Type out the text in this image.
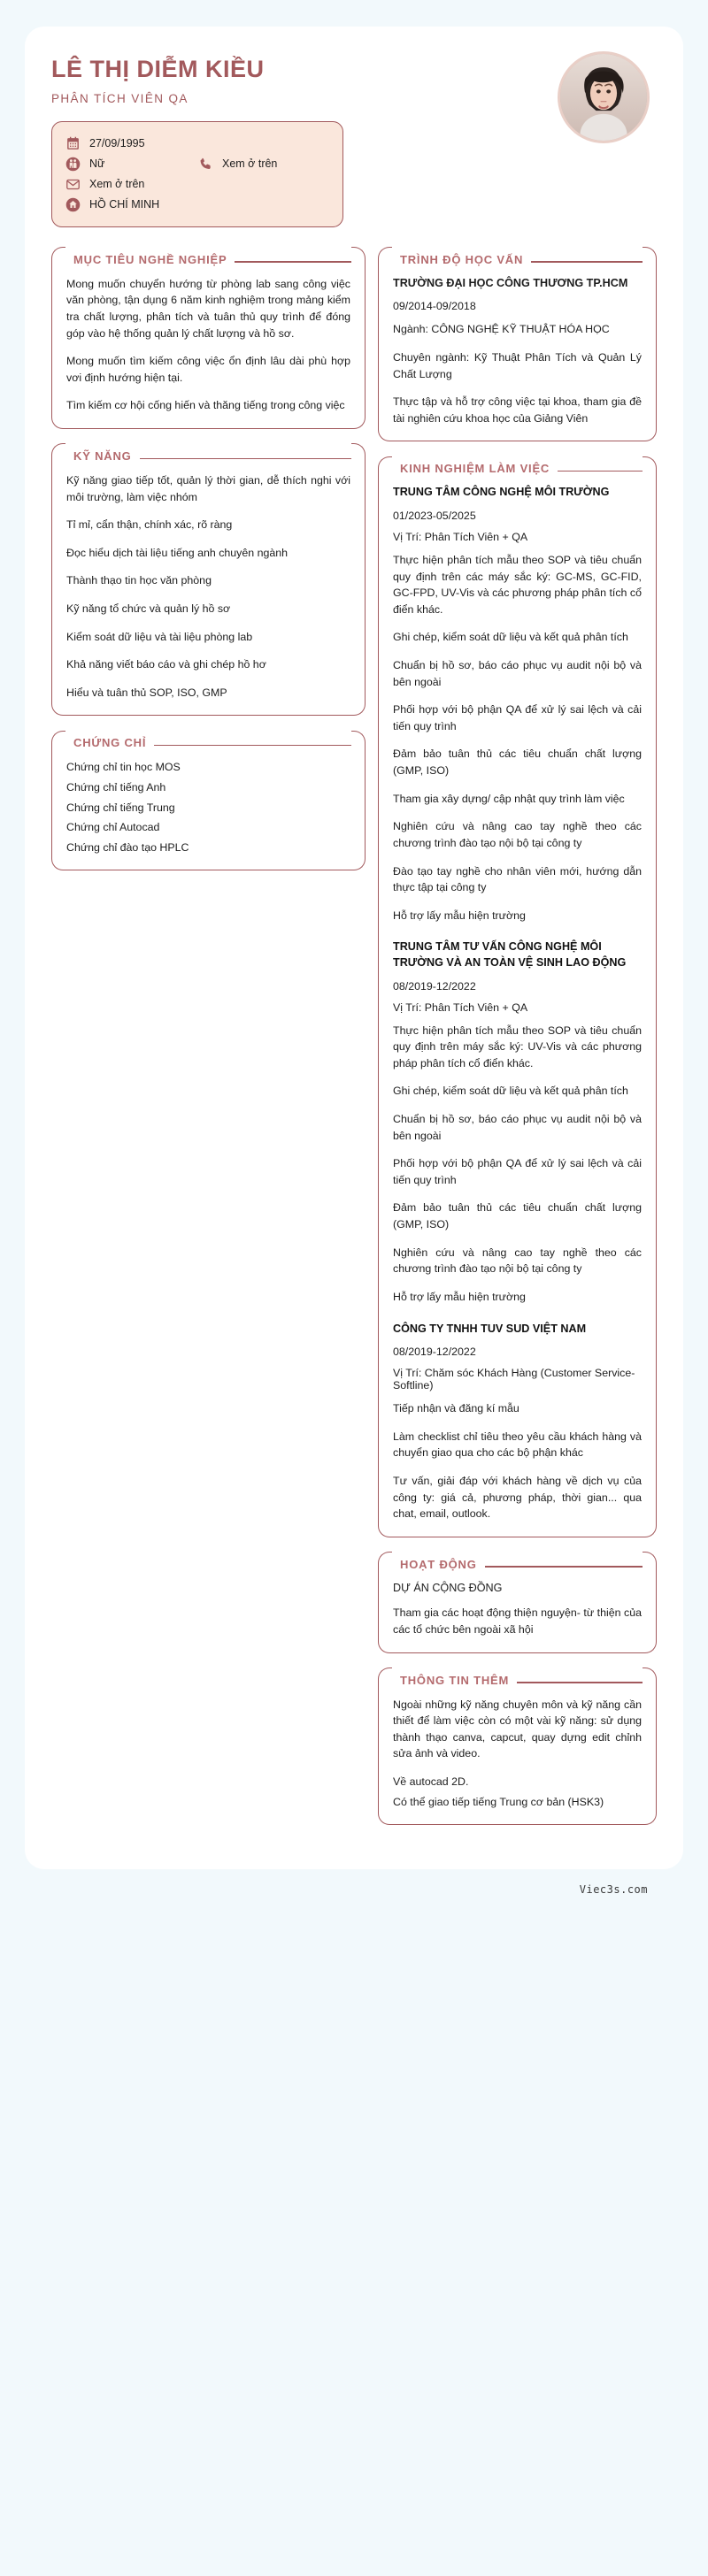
LÊ THỊ DIỄM KIỀU
PHÂN TÍCH VIÊN QA
27/09/1995
Nữ	Xem ở trên
Xem ở trên
HỒ CHÍ MINH
MỤC TIÊU NGHỀ NGHIỆP

Mong muốn chuyển hướng từ phòng lab sang công việc văn phòng, tận dụng 6 năm kinh nghiệm trong mảng kiểm tra chất lượng, phân tích và tuân thủ quy trình để đóng góp vào hệ thống quản lý chất lượng và hồ sơ.

Mong muốn tìm kiếm công việc ổn định lâu dài phù hợp vơi định hướng hiện tại.

Tìm kiếm cơ hội cống hiến và thăng tiếng trong công việc

KỸ NĂNG

Kỹ năng giao tiếp tốt, quản lý thời gian, dễ thích nghi với môi trường, làm việc nhóm

Tỉ mỉ, cẩn thận, chính xác, rõ ràng

Đọc hiểu dịch tài liệu tiếng anh chuyên ngành

Thành thạo tin học văn phòng

Kỹ năng tổ chức và quản lý hồ sơ

Kiểm soát dữ liệu và tài liệu phòng lab

Khả năng viết báo cáo và ghi chép hồ hơ

Hiểu và tuân thủ SOP, ISO, GMP

CHỨNG CHỈ

Chứng chỉ tin học MOS

Chứng chỉ tiếng Anh

Chứng chỉ tiếng Trung

Chứng chỉ Autocad

Chứng chỉ đào tạo HPLC

TRÌNH ĐỘ HỌC VẤN

TRƯỜNG ĐẠI HỌC CÔNG THƯƠNG TP.HCM

09/2014-09/2018

Ngành: CÔNG NGHỆ KỸ THUẬT HÓA HỌC

Chuyên ngành: Kỹ Thuật Phân Tích và Quản Lý Chất Lượng

Thực tập và hỗ trợ công việc tại khoa, tham gia đề tài nghiên cứu khoa học của Giảng Viên

KINH NGHIỆM LÀM VIỆC

TRUNG TÂM CÔNG NGHỆ MÔI TRƯỜNG

01/2023-05/2025

Vị Trí: Phân Tích Viên + QA

Thực hiện phân tích mẫu theo SOP và tiêu chuẩn quy định trên các máy sắc ký: GC-MS, GC-FID, GC-FPD, UV-Vis và các phương pháp phân tích cổ điển khác.

Ghi chép, kiểm soát dữ liệu và kết quả phân tích

Chuẩn bị hồ sơ, báo cáo phục vụ audit nội bộ và bên ngoài

Phối hợp với bộ phận QA để xử lý sai lệch và cải tiến quy trình

Đảm bảo tuân thủ các tiêu chuẩn chất lượng (GMP, ISO)

Tham gia xây dựng/ cập nhật quy trình làm việc

Nghiên cứu và nâng cao tay nghề theo các chương trình đào tạo nội bộ tại công ty

Đào tạo tay nghề cho nhân viên mới, hướng dẫn thực tập tại công ty

Hỗ trợ lấy mẫu hiện trường

TRUNG TÂM TƯ VẤN CÔNG NGHỆ MÔI TRƯỜNG VÀ AN TOÀN VỆ SINH LAO ĐỘNG

08/2019-12/2022

Vị Trí: Phân Tích Viên + QA

Thực hiện phân tích mẫu theo SOP và tiêu chuẩn quy định trên máy sắc ký: UV-Vis và các phương pháp phân tích cổ điển khác.

Ghi chép, kiểm soát dữ liệu và kết quả phân tích

Chuẩn bị hồ sơ, báo cáo phục vụ audit nội bộ và bên ngoài

Phối hợp với bộ phận QA để xử lý sai lệch và cải tiến quy trình

Đảm bảo tuân thủ các tiêu chuẩn chất lượng (GMP, ISO)

Nghiên cứu và nâng cao tay nghề theo các chương trình đào tạo nội bộ tại công ty

Hỗ trợ lấy mẫu hiện trường

CÔNG TY TNHH TUV SUD VIỆT NAM

08/2019-12/2022

Vị Trí: Chăm sóc Khách Hàng (Customer Service- Softline)

Tiếp nhận và đăng kí mẫu

Làm checklist chỉ tiêu theo yêu cầu khách hàng và chuyển giao qua cho các bộ phận khác

Tư vấn, giải đáp với khách hàng về dịch vụ của công ty: giá cả, phương pháp, thời gian... qua chat, email, outlook.

HOẠT ĐỘNG

DỰ ÁN CỘNG ĐỒNG

Tham gia các hoạt động thiện nguyện- từ thiện của các tổ chức bên ngoài xã hội

THÔNG TIN THÊM

Ngoài những kỹ năng chuyên môn và kỹ năng cần thiết để làm việc còn có một vài kỹ năng: sử dụng thành thạo canva, capcut, quay dựng edit chỉnh sửa ảnh và video.

Về autocad 2D.

Có thể giao tiếp tiếng Trung cơ bản (HSK3)

Viec3s.com
